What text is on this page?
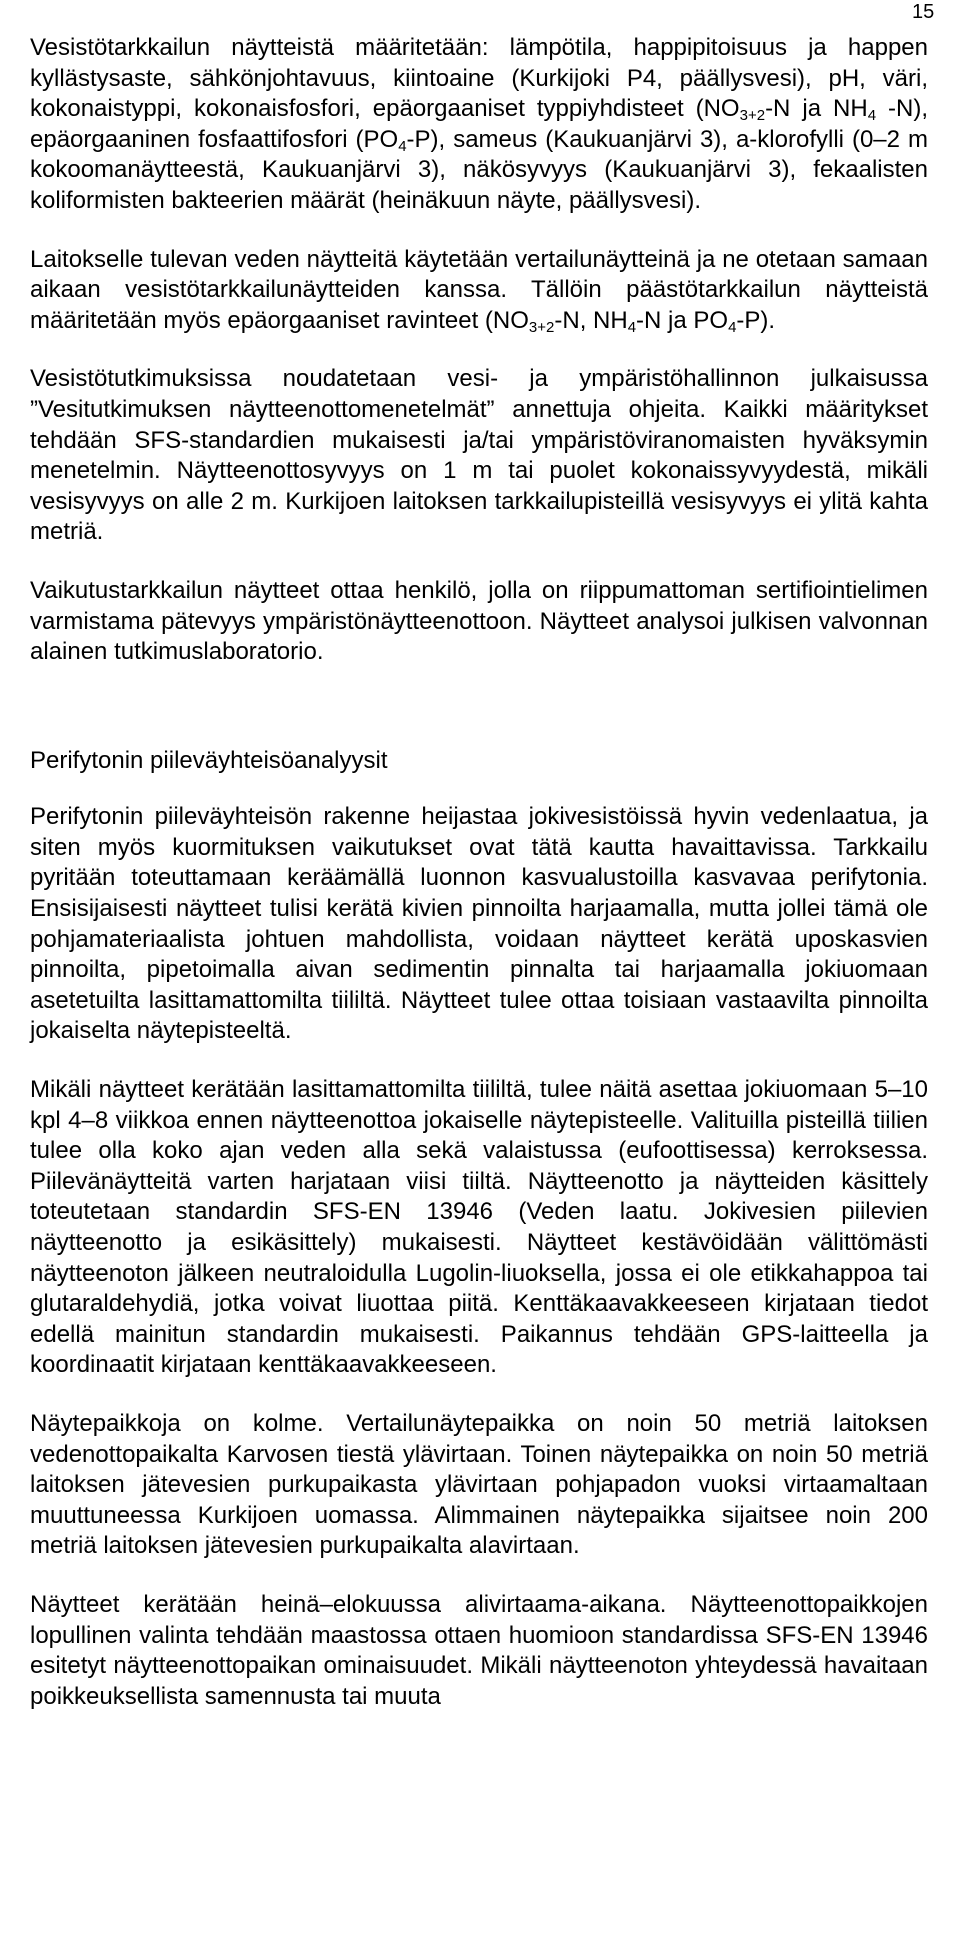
15

Vesistötarkkailun näytteistä määritetään: lämpötila, happipitoisuus ja happen kyllästysaste, sähkönjohtavuus, kiintoaine (Kurkijoki P4, päällysvesi), pH, väri, kokonaistyppi, kokonaisfosfori, epäorgaaniset typpiyhdisteet ($NO_{3+2}-N$ ja $NH_4$ -N), epäorgaaninen fosfaattifosfori $(PO_4-P)$, sameus (Kaukuanjärvi 3), a-klorofylli (0–2 m kokoomanäytteestä, Kaukuanjärvi 3), näkösyvyys (Kaukuanjärvi 3), fekaalisten koliformisten bakteerien määrät (heinäkuun näyte, päällysvesi).

Laitokselle tulevan veden näytteitä käytetään vertailunäytteinä ja ne otetaan samaan aikaan vesistötarkkailunäytteiden kanssa. Tällöin päästötarkkailun näytteistä määritetään myös epäorgaaniset ravinteet ($NO_{3+2}-N$, $NH_4-N$ ja $PO_4-P$).

Vesistötutkimuksissa noudatetaan vesi- ja ympäristöhallinnon julkaisussa ”Vesitutkimuksen näytteenottomenetelmät” annettuja ohjeita. Kaikki määritykset tehdään SFS-standardien mukaisesti ja/tai ympäristöviranomaisten hyväksymin menetelmin. Näytteenottosyvyys on 1 m tai puolet kokonaissyvyydestä, mikäli vesisyvyys on alle 2 m. Kurkijoen laitoksen tarkkailupisteillä vesisyvyys ei ylitä kahta metriä.

Vaikutustarkkailun näytteet ottaa henkilö, jolla on riippumattoman sertifiointielimen varmistama pätevyys ympäristönäytteenottoon. Näytteet analysoi julkisen valvonnan alainen tutkimuslaboratorio.

Perifytonin piileväyhteisöanalyysit

Perifytonin piileväyhteisön rakenne heijastaa jokivesistöissä hyvin vedenlaatua, ja siten myös kuormituksen vaikutukset ovat tätä kautta havaittavissa. Tarkkailu pyritään toteuttamaan keräämällä luonnon kasvualustoilla kasvavaa perifytonia. Ensisijaisesti näytteet tulisi kerätä kivien pinnoilta harjaamalla, mutta jollei tämä ole pohjamateriaalista johtuen mahdollista, voidaan näytteet kerätä uposkasvien pinnoilta, pipetoimalla aivan sedimentin pinnalta tai harjaamalla jokiuomaan asetetuilta lasittamattomilta tiililtä. Näytteet tulee ottaa toisiaan vastaavilta pinnoilta jokaiselta näytepisteeltä.

Mikäli näytteet kerätään lasittamattomilta tiililtä, tulee näitä asettaa jokiuomaan 5–10 kpl 4–8 viikkoa ennen näytteenottoa jokaiselle näytepisteelle. Valituilla pisteillä tiilien tulee olla koko ajan veden alla sekä valaistussa (eufoottisessa) kerroksessa. Piilevänäytteitä varten harjataan viisi tiiltä. Näytteenotto ja näytteiden käsittely toteutetaan standardin SFS-EN 13946 (Veden laatu. Jokivesien piilevien näytteenotto ja esikäsittely) mukaisesti. Näytteet kestävöidään välittömästi näytteenoton jälkeen neutraloidulla Lugolin-liuoksella, jossa ei ole etikkahappoa tai glutaraldehydiä, jotka voivat liuottaa piitä. Kenttäkaavakkeeseen kirjataan tiedot edellä mainitun standardin mukaisesti. Paikannus tehdään GPS-laitteella ja koordinaatit kirjataan kenttäkaavakkeeseen.

Näytepaikkoja on kolme. Vertailunäytepaikka on noin 50 metriä laitoksen vedenottopaikalta Karvosen tiestä ylävirtaan. Toinen näytepaikka on noin 50 metriä laitoksen jätevesien purkupaikasta ylävirtaan pohjapadon vuoksi virtaamaltaan muuttuneessa Kurkijoen uomassa. Alimmainen näytepaikka sijaitsee noin 200 metriä laitoksen jätevesien purkupaikalta alavirtaan.

Näytteet kerätään heinä–elokuussa alivirtaama-aikana. Näytteenottopaikkojen lopullinen valinta tehdään maastossa ottaen huomioon standardissa SFS-EN 13946 esitetyt näytteenottopaikan ominaisuudet. Mikäli näytteenoton yhteydessä havaitaan poikkeuksellista samennusta tai muuta
